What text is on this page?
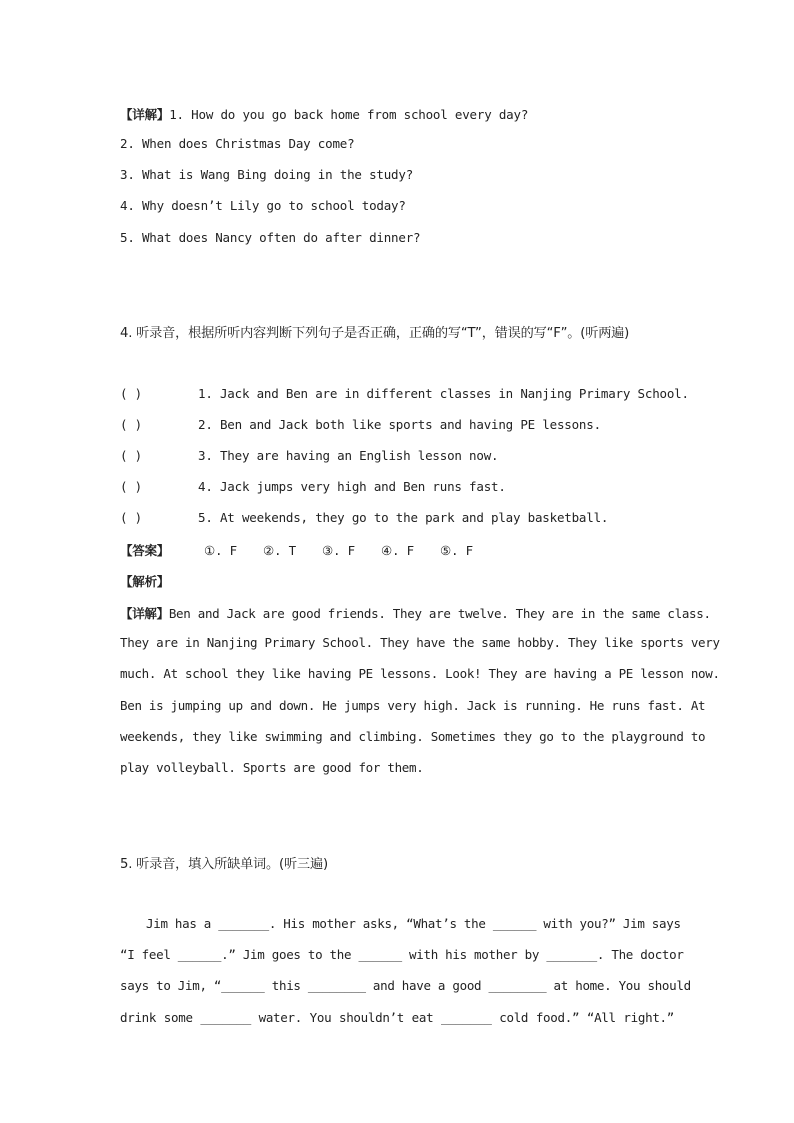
【详解】1. How do you go back home from school every day?
2. When does Christmas Day come?
3. What is Wang Bing doing in the study?
4. Why doesn’t Lily go to school today?
5. What does Nancy often do after dinner?
4. 听录音，根据所听内容判断下列句子是否正确，正确的写“T”，错误的写“F”。(听两遍)
( )	1. Jack and Ben are in different classes in Nanjing Primary School.
( )	2. Ben and Jack both like sports and having PE lessons.
( )	3. They are having an English lesson now.
( )	4. Jack jumps very high and Ben runs fast.
( )	5. At weekends, they go to the park and play basketball.
【答案】	①. F ②. T ③. F ④. F ⑤. F
【解析】
【详解】Ben and Jack are good friends. They are twelve. They are in the same class.
They are in Nanjing Primary School. They have the same hobby. They like sports very
much. At school they like having PE lessons. Look! They are having a PE lesson now.
Ben is jumping up and down. He jumps very high. Jack is running. He runs fast. At
weekends, they like swimming and climbing. Sometimes they go to the playground to
play volleyball. Sports are good for them.
5. 听录音，填入所缺单词。(听三遍)
Jim has a _______. His mother asks, “What’s the ______ with you?” Jim says
“I feel ______.” Jim goes to the ______ with his mother by _______. The doctor
says to Jim, “______ this ________ and have a good ________ at home. You should
drink some _______ water. You shouldn’t eat _______ cold food.” “All right.”
